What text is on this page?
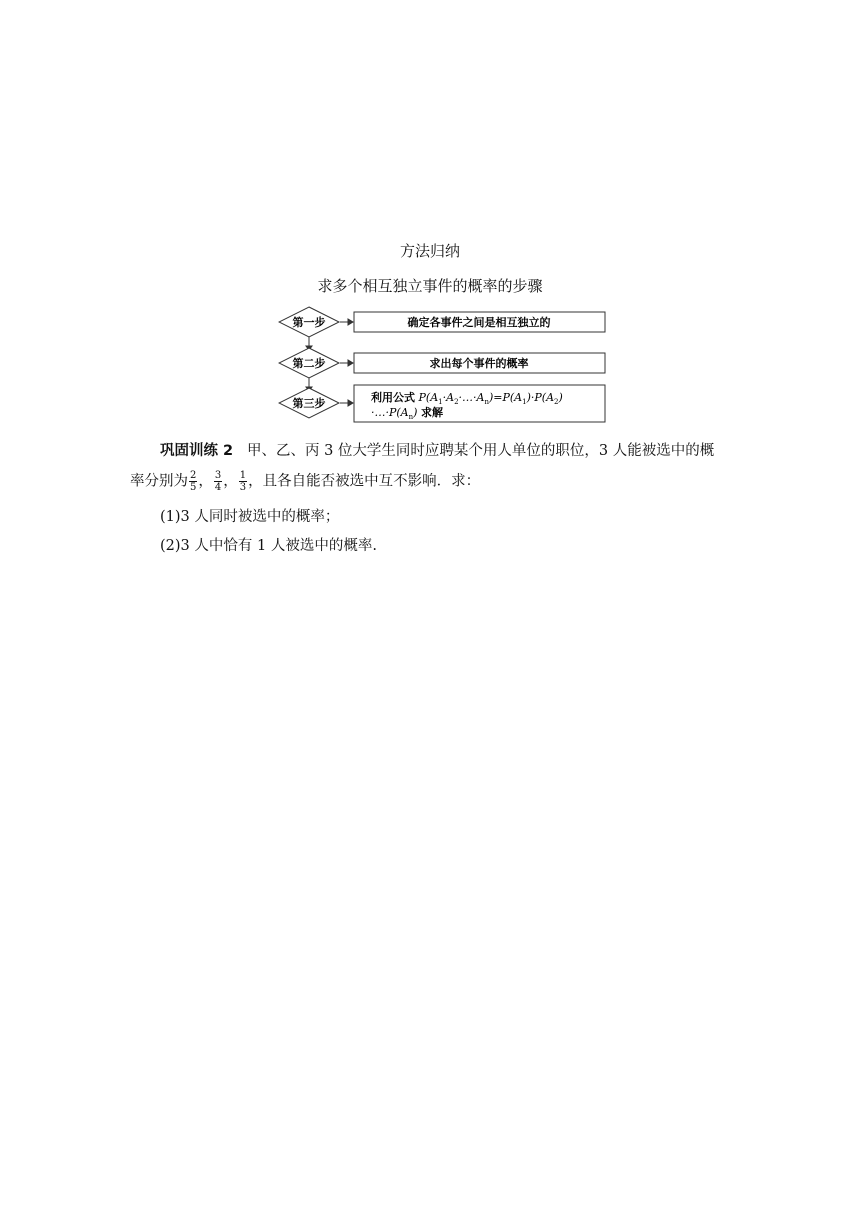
方法归纳
求多个相互独立事件的概率的步骤
第一步	确定各事件之间是相互独立的
第二步	求出每个事件的概率
第三步	利用公式 $P(A_1\cdot A_2\cdot\dots\cdot A_n)=P(A_1)\cdot P(A_2)$
$\cdot\dots\cdot P(A_n)$ 求解
巩固训练 2 甲、乙、丙 3 位大学生同时应聘某个用人单位的职位，3 人能被选中的概
率分别为 $\frac{2}{5}$ ， $\frac{3}{4}$ ， $\frac{1}{3}$ ，且各自能否被选中互不影响．求：
(1)3 人同时被选中的概率；
(2)3 人中恰有 1 人被选中的概率.
